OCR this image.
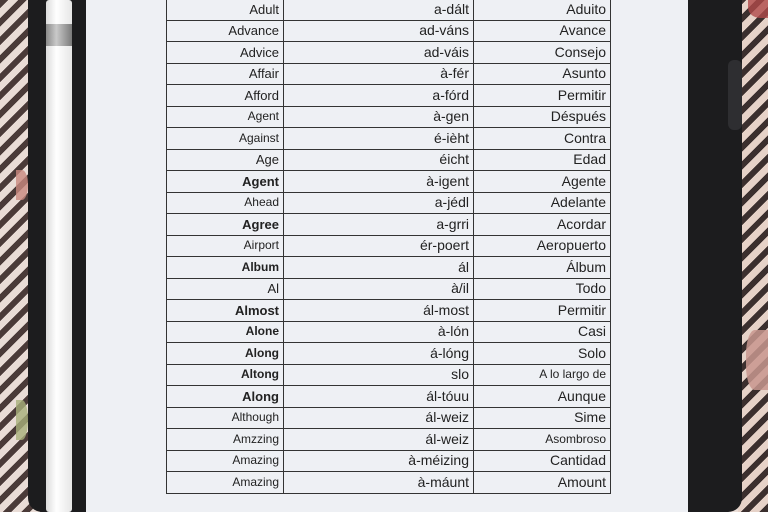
Adult	a-dált	Aduito
Advance	ad-váns	Avance
Advice	ad-váis	Consejo
Affair	à-fér	Asunto
Afford	a-fórd	Permitir
Agent	à-gen	Déspués
Against	é-ièht	Contra
Age	éicht	Edad
Agent	à-igent	Agente
Ahead	a-jédl	Adelante
Agree	a-grri	Acordar
Airport	ér-poert	Aeropuerto
Album	ál	Álbum
Al	à/il	Todo
Almost	ál-most	Permitir
Alone	à-lón	Casi
Along	á-lóng	Solo
Altong	slo	A lo largo de
Along	ál-tóuu	Aunque
Although	ál-weiz	Sime
Amzzing	ál-weiz	Asombroso
Amazing	à-méizing	Cantidad
Amazing	à-máunt	Amount
